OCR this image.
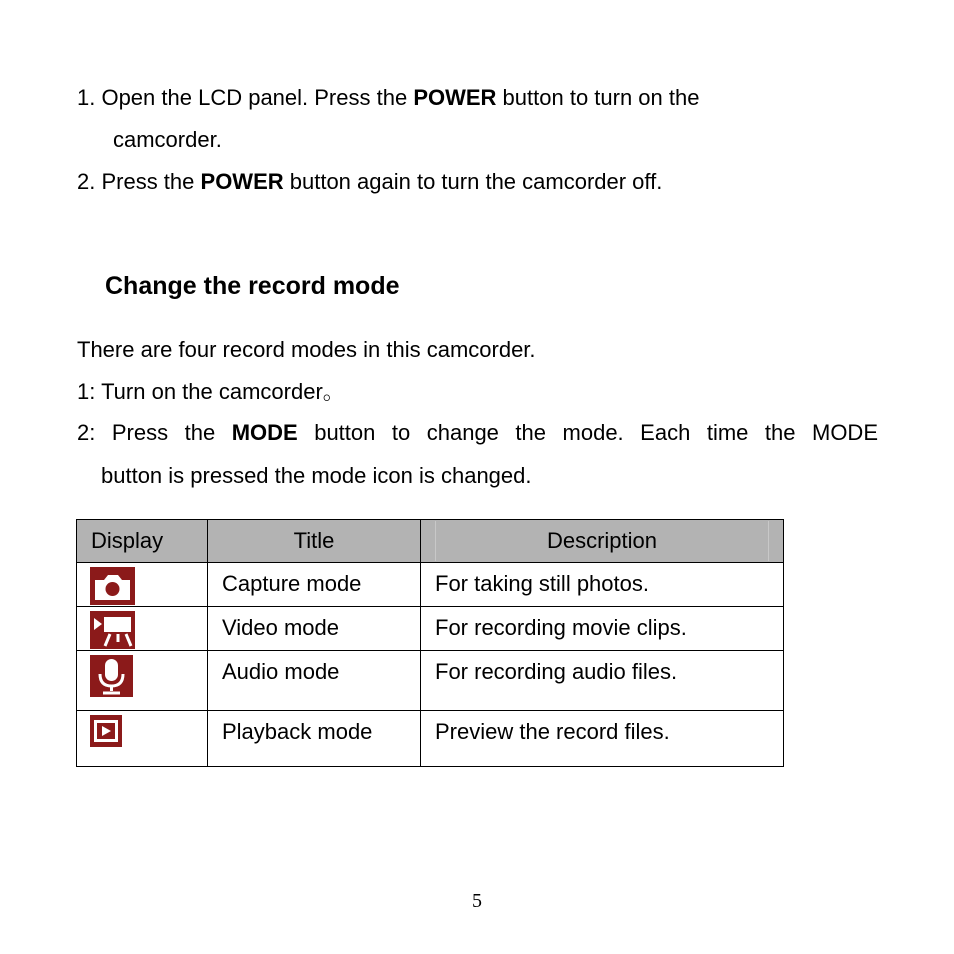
1. Open the LCD panel. Press the POWER button to turn on the
camcorder.
2. Press the POWER button again to turn the camcorder off.
Change the record mode
There are four record modes in this camcorder.
1: Turn on the camcorder。
2: Press the MODE button to change the mode. Each time the MODE
button is pressed the mode icon is changed.
Display	Title	Description

	Capture mode	For taking still photos.

	Video mode	For recording movie clips.

	Audio mode	For recording audio files.

	Playback mode	Preview the record files.
5
